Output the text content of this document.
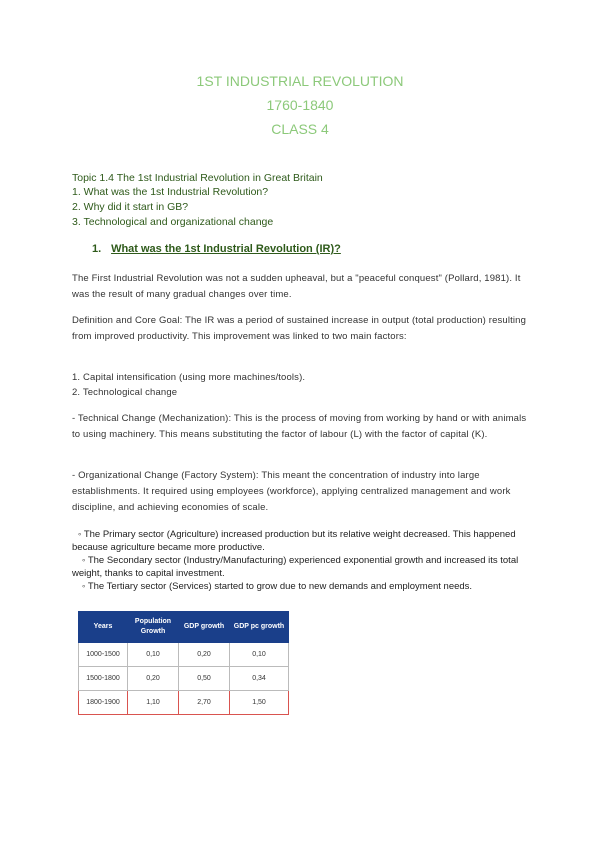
1ST INDUSTRIAL REVOLUTION
1760-1840
CLASS 4
Topic 1.4 The 1st Industrial Revolution in Great Britain
1. What was the 1st Industrial Revolution?
2. Why did it start in GB?
3. Technological and organizational change
1. What was the 1st Industrial Revolution (IR)?
The First Industrial Revolution was not a sudden upheaval, but a "peaceful conquest" (Pollard, 1981). It was the result of many gradual changes over time.
Definition and Core Goal: The IR was a period of sustained increase in output (total production) resulting from improved productivity. This improvement was linked to two main factors:
1. Capital intensification (using more machines/tools).
2. Technological change
- Technical Change (Mechanization): This is the process of moving from working by hand or with animals to using machinery. This means substituting the factor of labour (L) with the factor of capital (K).
- Organizational Change (Factory System): This meant the concentration of industry into large establishments. It required using employees (workforce), applying centralized management and work discipline, and achieving economies of scale.
◦ The Primary sector (Agriculture) increased production but its relative weight decreased. This happened because agriculture became more productive.
◦ The Secondary sector (Industry/Manufacturing) experienced exponential growth and increased its total weight, thanks to capital investment.
◦ The Tertiary sector (Services) started to grow due to new demands and employment needs.
Years	Population Growth	GDP growth	GDP pc growth
1000-1500	0,10	0,20	0,10
1500-1800	0,20	0,50	0,34
1800-1900	1,10	2,70	1,50
